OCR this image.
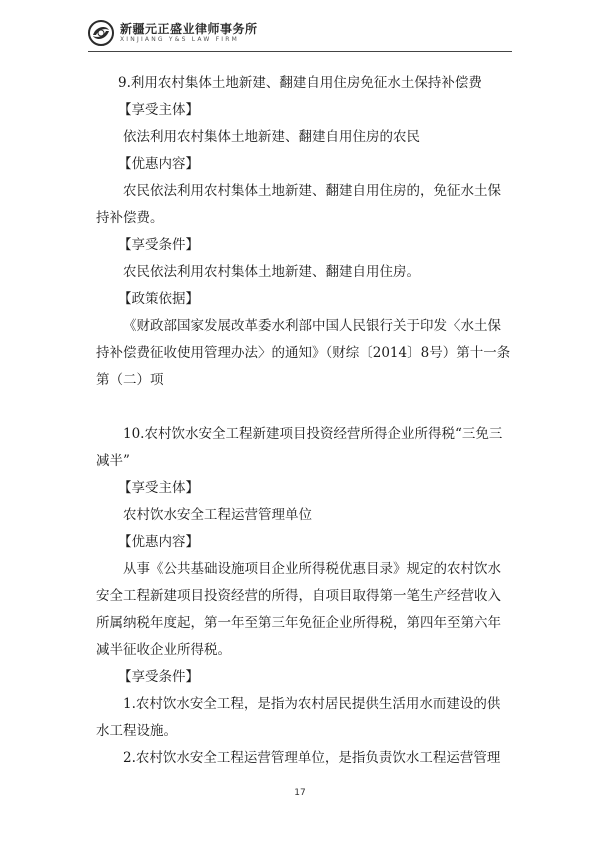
新疆元正盛业律师事务所
XINJIANG Y&S LAW FIRM

9.利用农村集体土地新建、翻建自用住房免征水土保持补偿费

【享受主体】

依法利用农村集体土地新建、翻建自用住房的农民

【优惠内容】

农民依法利用农村集体土地新建、翻建自用住房的，免征水土保持补偿费。

【享受条件】

农民依法利用农村集体土地新建、翻建自用住房。

【政策依据】

《财政部国家发展改革委水利部中国人民银行关于印发〈水土保持补偿费征收使用管理办法〉的通知》（财综〔2014〕8号）第十一条第（二）项

10.农村饮水安全工程新建项目投资经营所得企业所得税“三免三减半”

【享受主体】

农村饮水安全工程运营管理单位

【优惠内容】

从事《公共基础设施项目企业所得税优惠目录》规定的农村饮水安全工程新建项目投资经营的所得，自项目取得第一笔生产经营收入所属纳税年度起，第一年至第三年免征企业所得税，第四年至第六年减半征收企业所得税。

【享受条件】

1.农村饮水安全工程，是指为农村居民提供生活用水而建设的供水工程设施。

2.农村饮水安全工程运营管理单位，是指负责饮水工程运营管理

17
